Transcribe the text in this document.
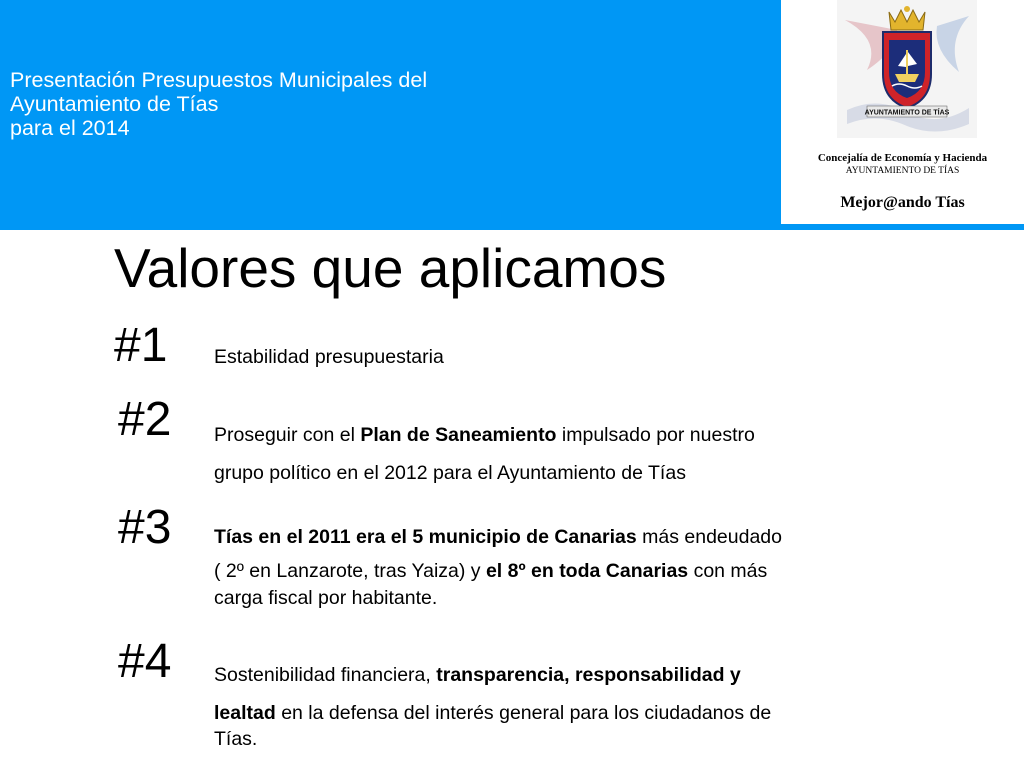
Presentación Presupuestos Municipales del
Ayuntamiento de Tías
para el 2014
AYUNTAMIENTO DE TÍAS
Concejalía de Economía y Hacienda
AYUNTAMIENTO DE TÍAS
Mejor@ando Tías
Valores que aplicamos
#1 Estabilidad presupuestaria
#2 Proseguir con el Plan de Saneamiento impulsado por nuestro
grupo político en el 2012 para el Ayuntamiento de Tías
#3 Tías en el 2011 era el 5 municipio de Canarias más endeudado
( 2º en Lanzarote, tras Yaiza) y el 8º en toda Canarias con más
carga fiscal por habitante.
#4 Sostenibilidad financiera, transparencia, responsabilidad y
lealtad en la defensa del interés general para los ciudadanos de
Tías.
